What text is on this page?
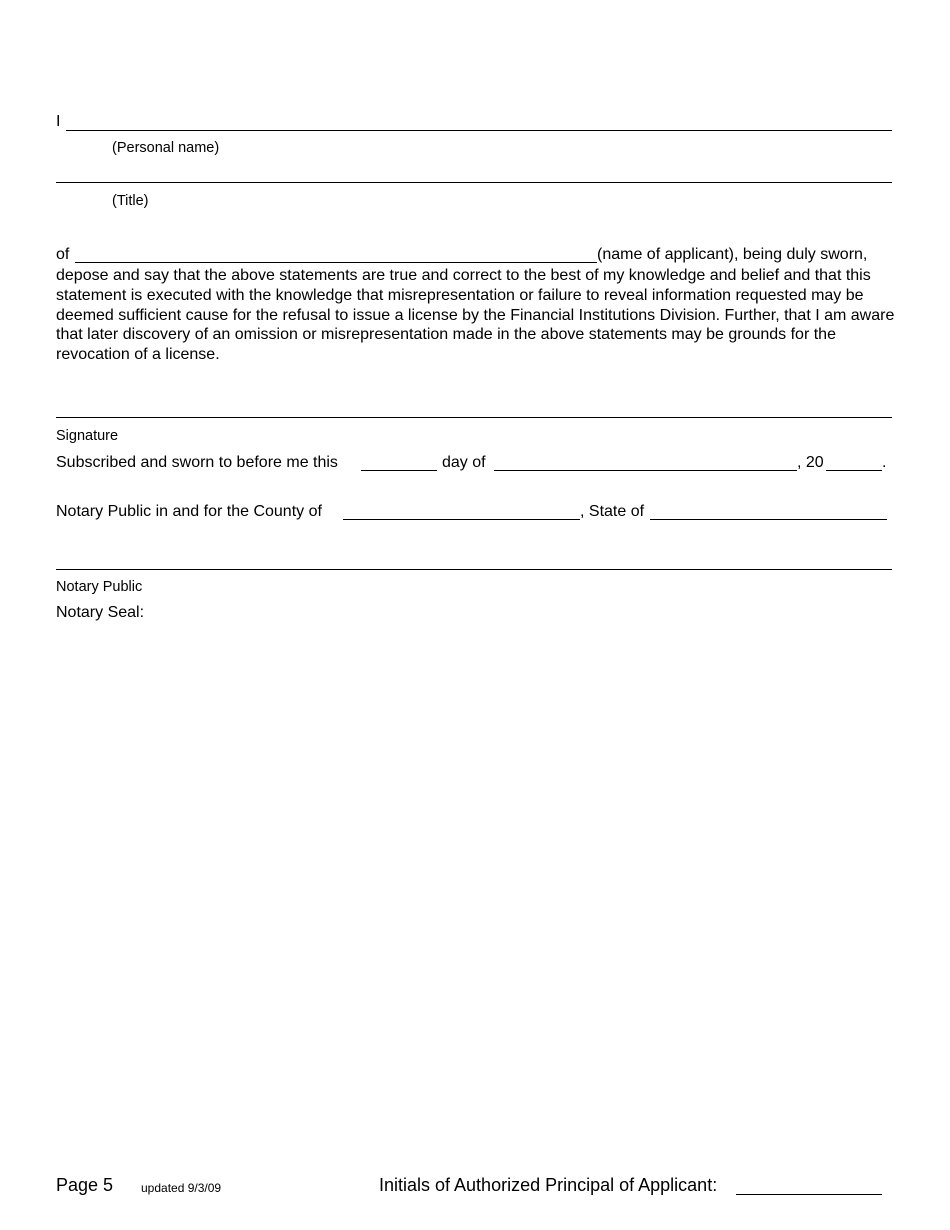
I
(Personal name)
(Title)
of	(name of applicant), being duly sworn,
depose and say that the above statements are true and correct to the best of my knowledge and belief and that this statement is executed with the knowledge that misrepresentation or failure to reveal information requested may be deemed sufficient cause for the refusal to issue a license by the Financial Institutions Division. Further, that I am aware that later discovery of an omission or misrepresentation made in the above statements may be grounds for the revocation of a license.
Signature
Subscribed and sworn to before me this	day of	, 20	.
Notary Public in and for the County of	, State of
Notary Public
Notary Seal:
Page 5 updated 9/3/09	Initials of Authorized Principal of Applicant:
